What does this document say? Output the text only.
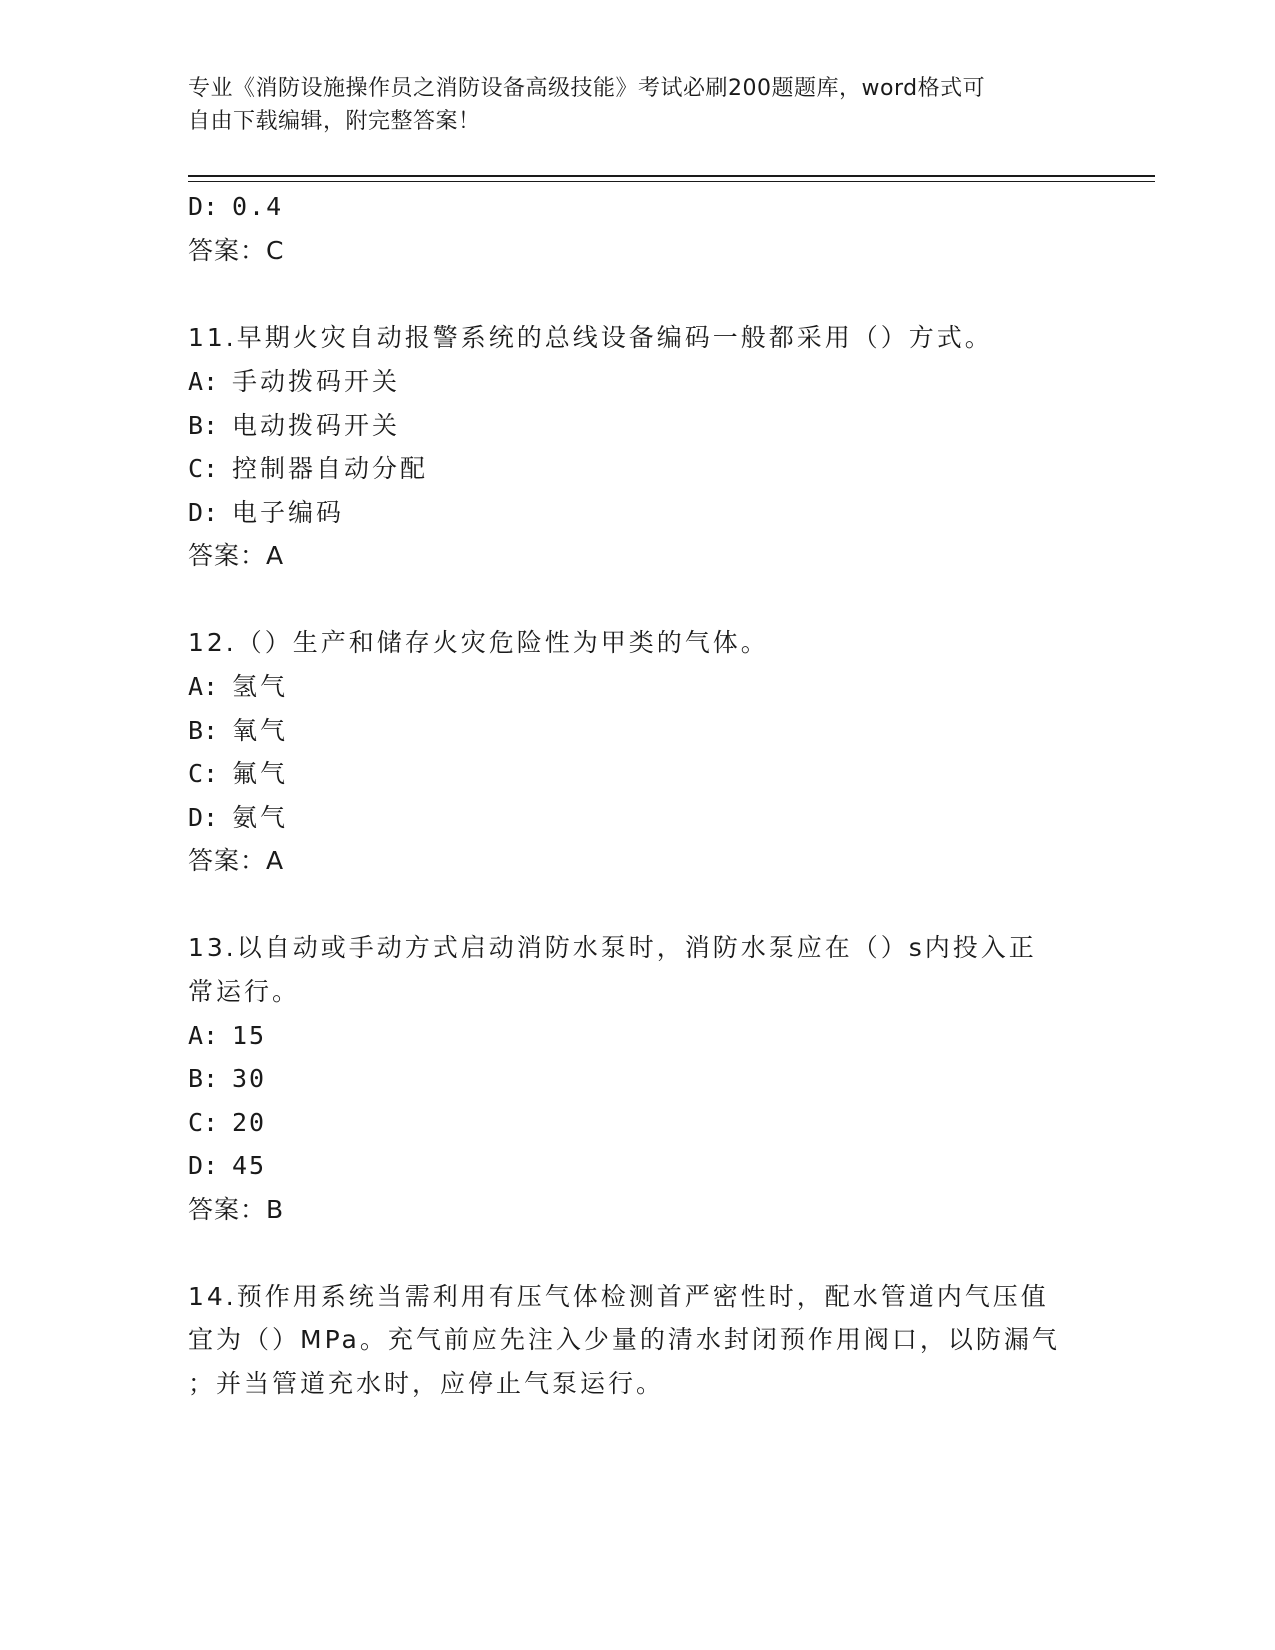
专业《消防设施操作员之消防设备高级技能》考试必刷200题题库，word格式可
自由下载编辑，附完整答案！
D: 0.4
答案：C
11.早期火灾自动报警系统的总线设备编码一般都采用（）方式。
A: 手动拨码开关
B: 电动拨码开关
C: 控制器自动分配
D: 电子编码
答案：A
12.（）生产和储存火灾危险性为甲类的气体。
A: 氢气
B: 氧气
C: 氟气
D: 氨气
答案：A
13.以自动或手动方式启动消防水泵时，消防水泵应在（）s内投入正
常运行。
A: 15
B: 30
C: 20
D: 45
答案：B
14.预作用系统当需利用有压气体检测首严密性时，配水管道内气压值
宜为（）MPa。充气前应先注入少量的清水封闭预作用阀口，以防漏气
；并当管道充水时，应停止气泵运行。
